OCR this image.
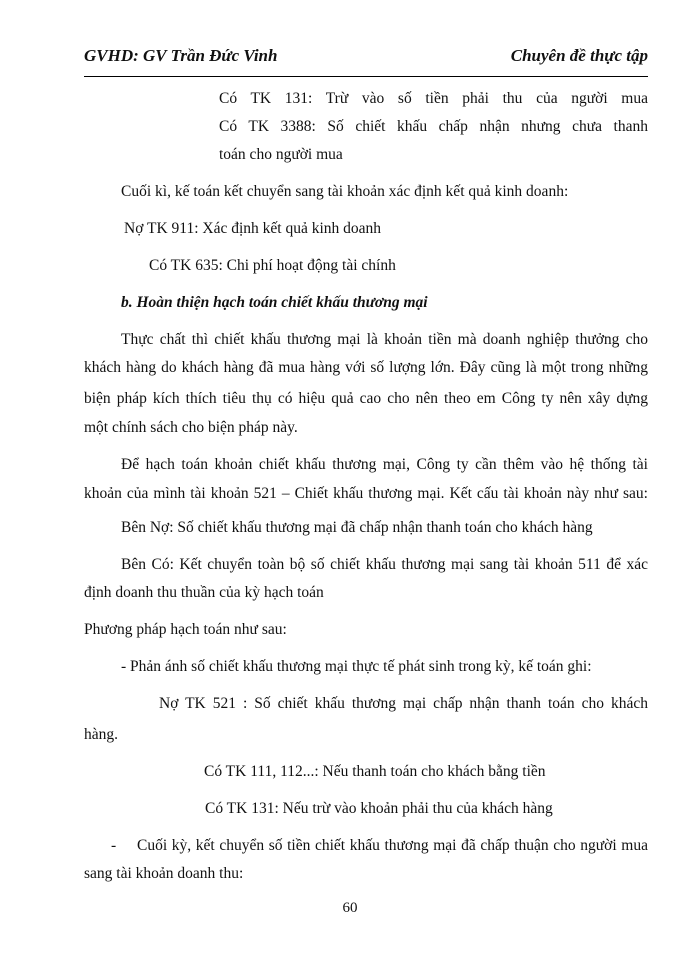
GVHD: GV Trần Đức Vinh	Chuyên đề thực tập
Có TK 131: Trừ vào số tiền phải thu của người mua
Có TK 3388: Số chiết khấu chấp nhận nhưng chưa thanh
toán cho người mua
Cuối kì, kế toán kết chuyển sang tài khoản xác định kết quả kinh doanh:
Nợ TK 911: Xác định kết quả kinh doanh
Có TK 635: Chi phí hoạt động tài chính
b. Hoàn thiện hạch toán chiết khấu thương mại
Thực chất thì chiết khấu thương mại là khoản tiền mà doanh nghiệp thưởng cho
khách hàng do khách hàng đã mua hàng với số lượng lớn. Đây cũng là một trong những
biện pháp kích thích tiêu thụ có hiệu quả cao cho nên theo em Công ty nên xây dựng
một chính sách cho biện pháp này.
Để hạch toán khoản chiết khấu thương mại, Công ty cần thêm vào hệ thống tài
khoản của mình tài khoản 521 – Chiết khấu thương mại. Kết cấu tài khoản này như sau:
Bên Nợ: Số chiết khấu thương mại đã chấp nhận thanh toán cho khách hàng
Bên Có: Kết chuyển toàn bộ số chiết khấu thương mại sang tài khoản 511 để xác
định doanh thu thuần của kỳ hạch toán
Phương pháp hạch toán như sau:
- Phản ánh số chiết khấu thương mại thực tế phát sinh trong kỳ, kế toán ghi:
Nợ TK 521 : Số chiết khấu thương mại chấp nhận thanh toán cho khách
hàng.
Có TK 111, 112...: Nếu thanh toán cho khách bằng tiền
Có TK 131: Nếu trừ vào khoản phải thu của khách hàng
- Cuối kỳ, kết chuyển số tiền chiết khấu thương mại đã chấp thuận cho người mua
sang tài khoản doanh thu:
60
